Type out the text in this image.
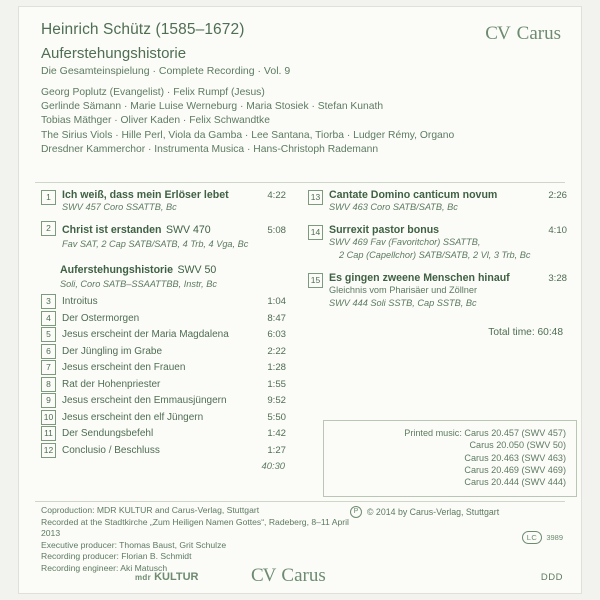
Heinrich Schütz (1585–1672)
Auferstehungshistorie
Die Gesamteinspielung · Complete Recording · Vol. 9
Georg Poplutz (Evangelist) · Felix Rumpf (Jesus)
Gerlinde Sämann · Marie Luise Werneburg · Maria Stosiek · Stefan Kunath
Tobias Mäthger · Oliver Kaden · Felix Schwandtke
The Sirius Viols · Hille Perl, Viola da Gamba · Lee Santana, Tiorba · Ludger Rémy, Organo
Dresdner Kammerchor · Instrumenta Musica · Hans-Christoph Rademann
CV Carus
1	Ich weiß, dass mein Erlöser lebet	4:22
SWV 457 Coro SSATTB, Bc
2	Christ ist erstanden SWV 470	5:08
Fav SAT, 2 Cap SATB/SATB, 4 Trb, 4 Vga, Bc
Auferstehungshistorie SWV 50
Soli, Coro SATB–SSAATTBB, Instr, Bc
3	Introitus	1:04
4	Der Ostermorgen	8:47
5	Jesus erscheint der Maria Magdalena	6:03
6	Der Jüngling im Grabe	2:22
7	Jesus erscheint den Frauen	1:28
8	Rat der Hohenpriester	1:55
9	Jesus erscheint den Emmausjüngern	9:52
10 Jesus erscheint den elf Jüngern	5:50
11 Der Sendungsbefehl	1:42
12 Conclusio / Beschluss	1:27
40:30
13 Cantate Domino canticum novum	2:26
SWV 463 Coro SATB/SATB, Bc
14 Surrexit pastor bonus	4:10
SWV 469 Fav (Favoritchor) SSATTB,
2 Cap (Capellchor) SATB/SATB, 2 Vl, 3 Trb, Bc
15 Es gingen zweene Menschen hinauf	3:28
Gleichnis vom Pharisäer und Zöllner
SWV 444 Soli SSTB, Cap SSTB, Bc
Total time: 60:48
Printed music: Carus 20.457 (SWV 457)
Carus 20.050 (SWV 50)
Carus 20.463 (SWV 463)
Carus 20.469 (SWV 469)
Carus 20.444 (SWV 444)
Coproduction: MDR KULTUR and Carus-Verlag, Stuttgart
Recorded at the Stadtkirche „Zum Heiligen Namen Gottes“, Radeberg, 8–11 April 2013
Executive producer: Thomas Baust, Grit Schulze
Recording producer: Florian B. Schmidt
Recording engineer: Aki Matusch
P © 2014 by Carus-Verlag, Stuttgart
LC	3989
mdr KULTUR	CV Carus	DDD
